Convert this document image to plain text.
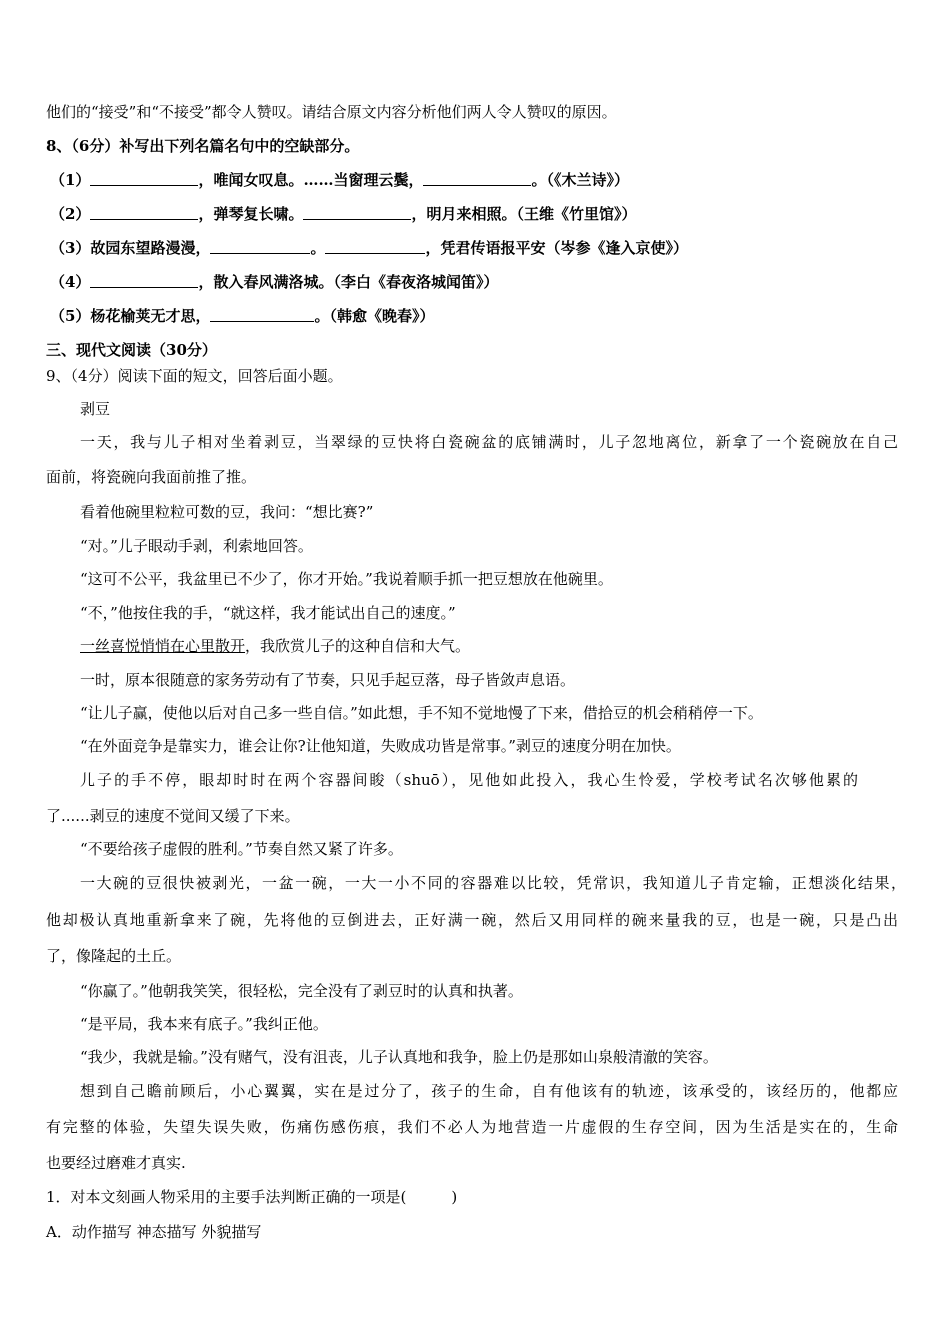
他们的“接受”和“不接受”都令人赞叹。请结合原文内容分析他们两人令人赞叹的原因。
8、（6分）补写出下列名篇名句中的空缺部分。
（1）	，唯闻女叹息。……当窗理云鬓，	。（《木兰诗》）
（2）	，弹琴复长啸。	，明月来相照。（王维《竹里馆》）
（3）故园东望路漫漫，	。	，凭君传语报平安（岑参《逢入京使》）
（4）	，散入春风满洛城。（李白《春夜洛城闻笛》）
（5）杨花榆荚无才思，	。（韩愈《晚春》）
三、现代文阅读（30分）
9、（4分）阅读下面的短文，回答后面小题。
剥豆
一天，我与儿子相对坐着剥豆，当翠绿的豆快将白瓷碗盆的底铺满时，儿子忽地离位，新拿了一个瓷碗放在自己
面前，将瓷碗向我面前推了推。
看着他碗里粒粒可数的豆，我问：“想比赛?”
“对。”儿子眼动手剥，利索地回答。
“这可不公平，我盆里已不少了，你才开始。”我说着顺手抓一把豆想放在他碗里。
“不，”他按住我的手，“就这样，我才能试出自己的速度。”
一丝喜悦悄悄在心里散开，我欣赏儿子的这种自信和大气。
一时，原本很随意的家务劳动有了节奏，只见手起豆落，母子皆敛声息语。
“让儿子赢，使他以后对自己多一些自信。”如此想，手不知不觉地慢了下来，借拾豆的机会稍稍停一下。
“在外面竞争是靠实力，谁会让你?让他知道，失败成功皆是常事。”剥豆的速度分明在加快。
儿子的手不停，眼却时时在两个容器间睃（shuō），见他如此投入，我心生怜爱，学校考试名次够他累的
了......剥豆的速度不觉间又缓了下来。
“不要给孩子虚假的胜利。”节奏自然又紧了许多。
一大碗的豆很快被剥光，一盆一碗，一大一小不同的容器难以比较，凭常识，我知道儿子肯定输，正想淡化结果，
他却极认真地重新拿来了碗，先将他的豆倒进去，正好满一碗，然后又用同样的碗来量我的豆，也是一碗，只是凸出
了，像隆起的土丘。
“你赢了。”他朝我笑笑，很轻松，完全没有了剥豆时的认真和执著。
“是平局，我本来有底子。”我纠正他。
“我少，我就是输。”没有赌气，没有沮丧，儿子认真地和我争，脸上仍是那如山泉般清澈的笑容。
想到自己瞻前顾后，小心翼翼，实在是过分了，孩子的生命，自有他该有的轨迹，该承受的，该经历的，他都应
有完整的体验，失望失误失败，伤痛伤感伤痕，我们不必人为地营造一片虚假的生存空间，因为生活是实在的，生命
也要经过磨难才真实.
1．对本文刻画人物采用的主要手法判断正确的一项是(　　　)
A．动作描写 神态描写 外貌描写
